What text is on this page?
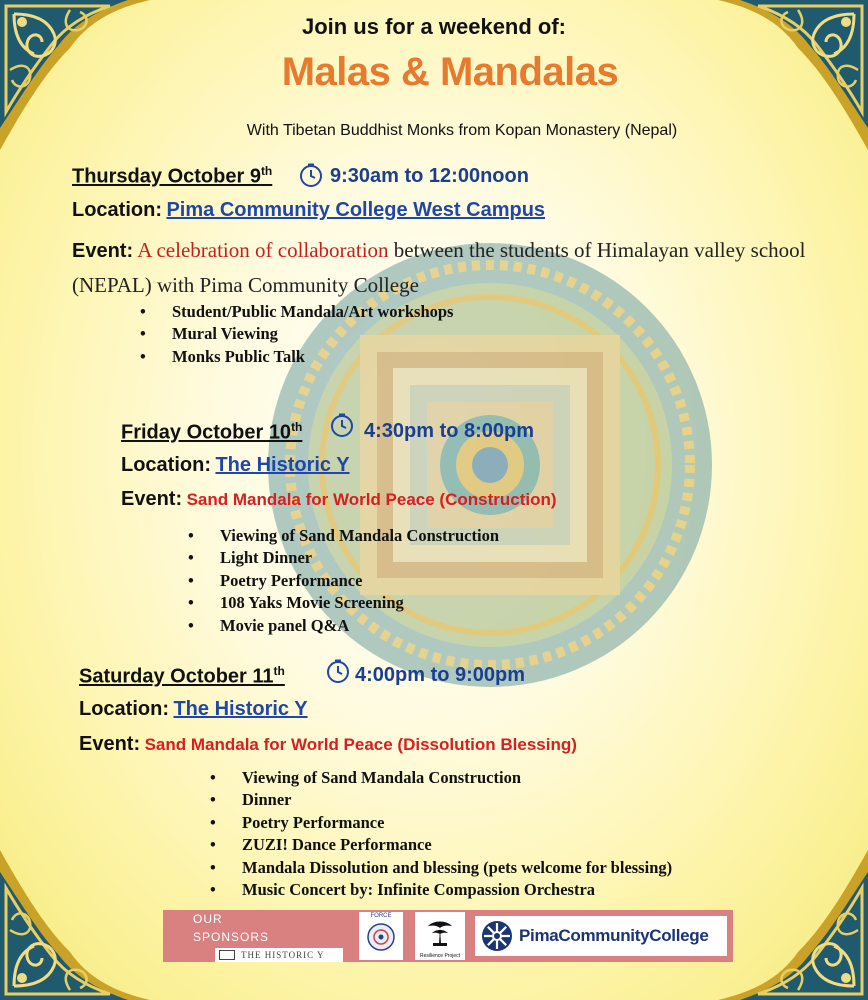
Join us for a weekend of:
Malas & Mandalas
With Tibetan Buddhist Monks from Kopan Monastery (Nepal)
Thursday October 9th	9:30am to 12:00noon
Location: Pima Community College West Campus
Event: A celebration of collaboration between the students of Himalayan valley school (NEPAL) with Pima Community College
• Student/Public Mandala/Art workshops
• Mural Viewing
• Monks Public Talk
Friday October 10th	4:30pm to 8:00pm
Location: The Historic Y
Event: Sand Mandala for World Peace (Construction)
• Viewing of Sand Mandala Construction
• Light Dinner
• Poetry Performance
• 108 Yaks Movie Screening
• Movie panel Q&A
Saturday October 11th	4:00pm to 9:00pm
Location: The Historic Y
Event: Sand Mandala for World Peace (Dissolution Blessing)
• Viewing of Sand Mandala Construction
• Dinner
• Poetry Performance
• ZUZI! Dance Performance
• Mandala Dissolution and blessing (pets welcome for blessing)
• Music Concert by: Infinite Compassion Orchestra
OUR
SPONSORS
THE HISTORIC Y
FORCE
Resilience Project
PimaCommunityCollege
